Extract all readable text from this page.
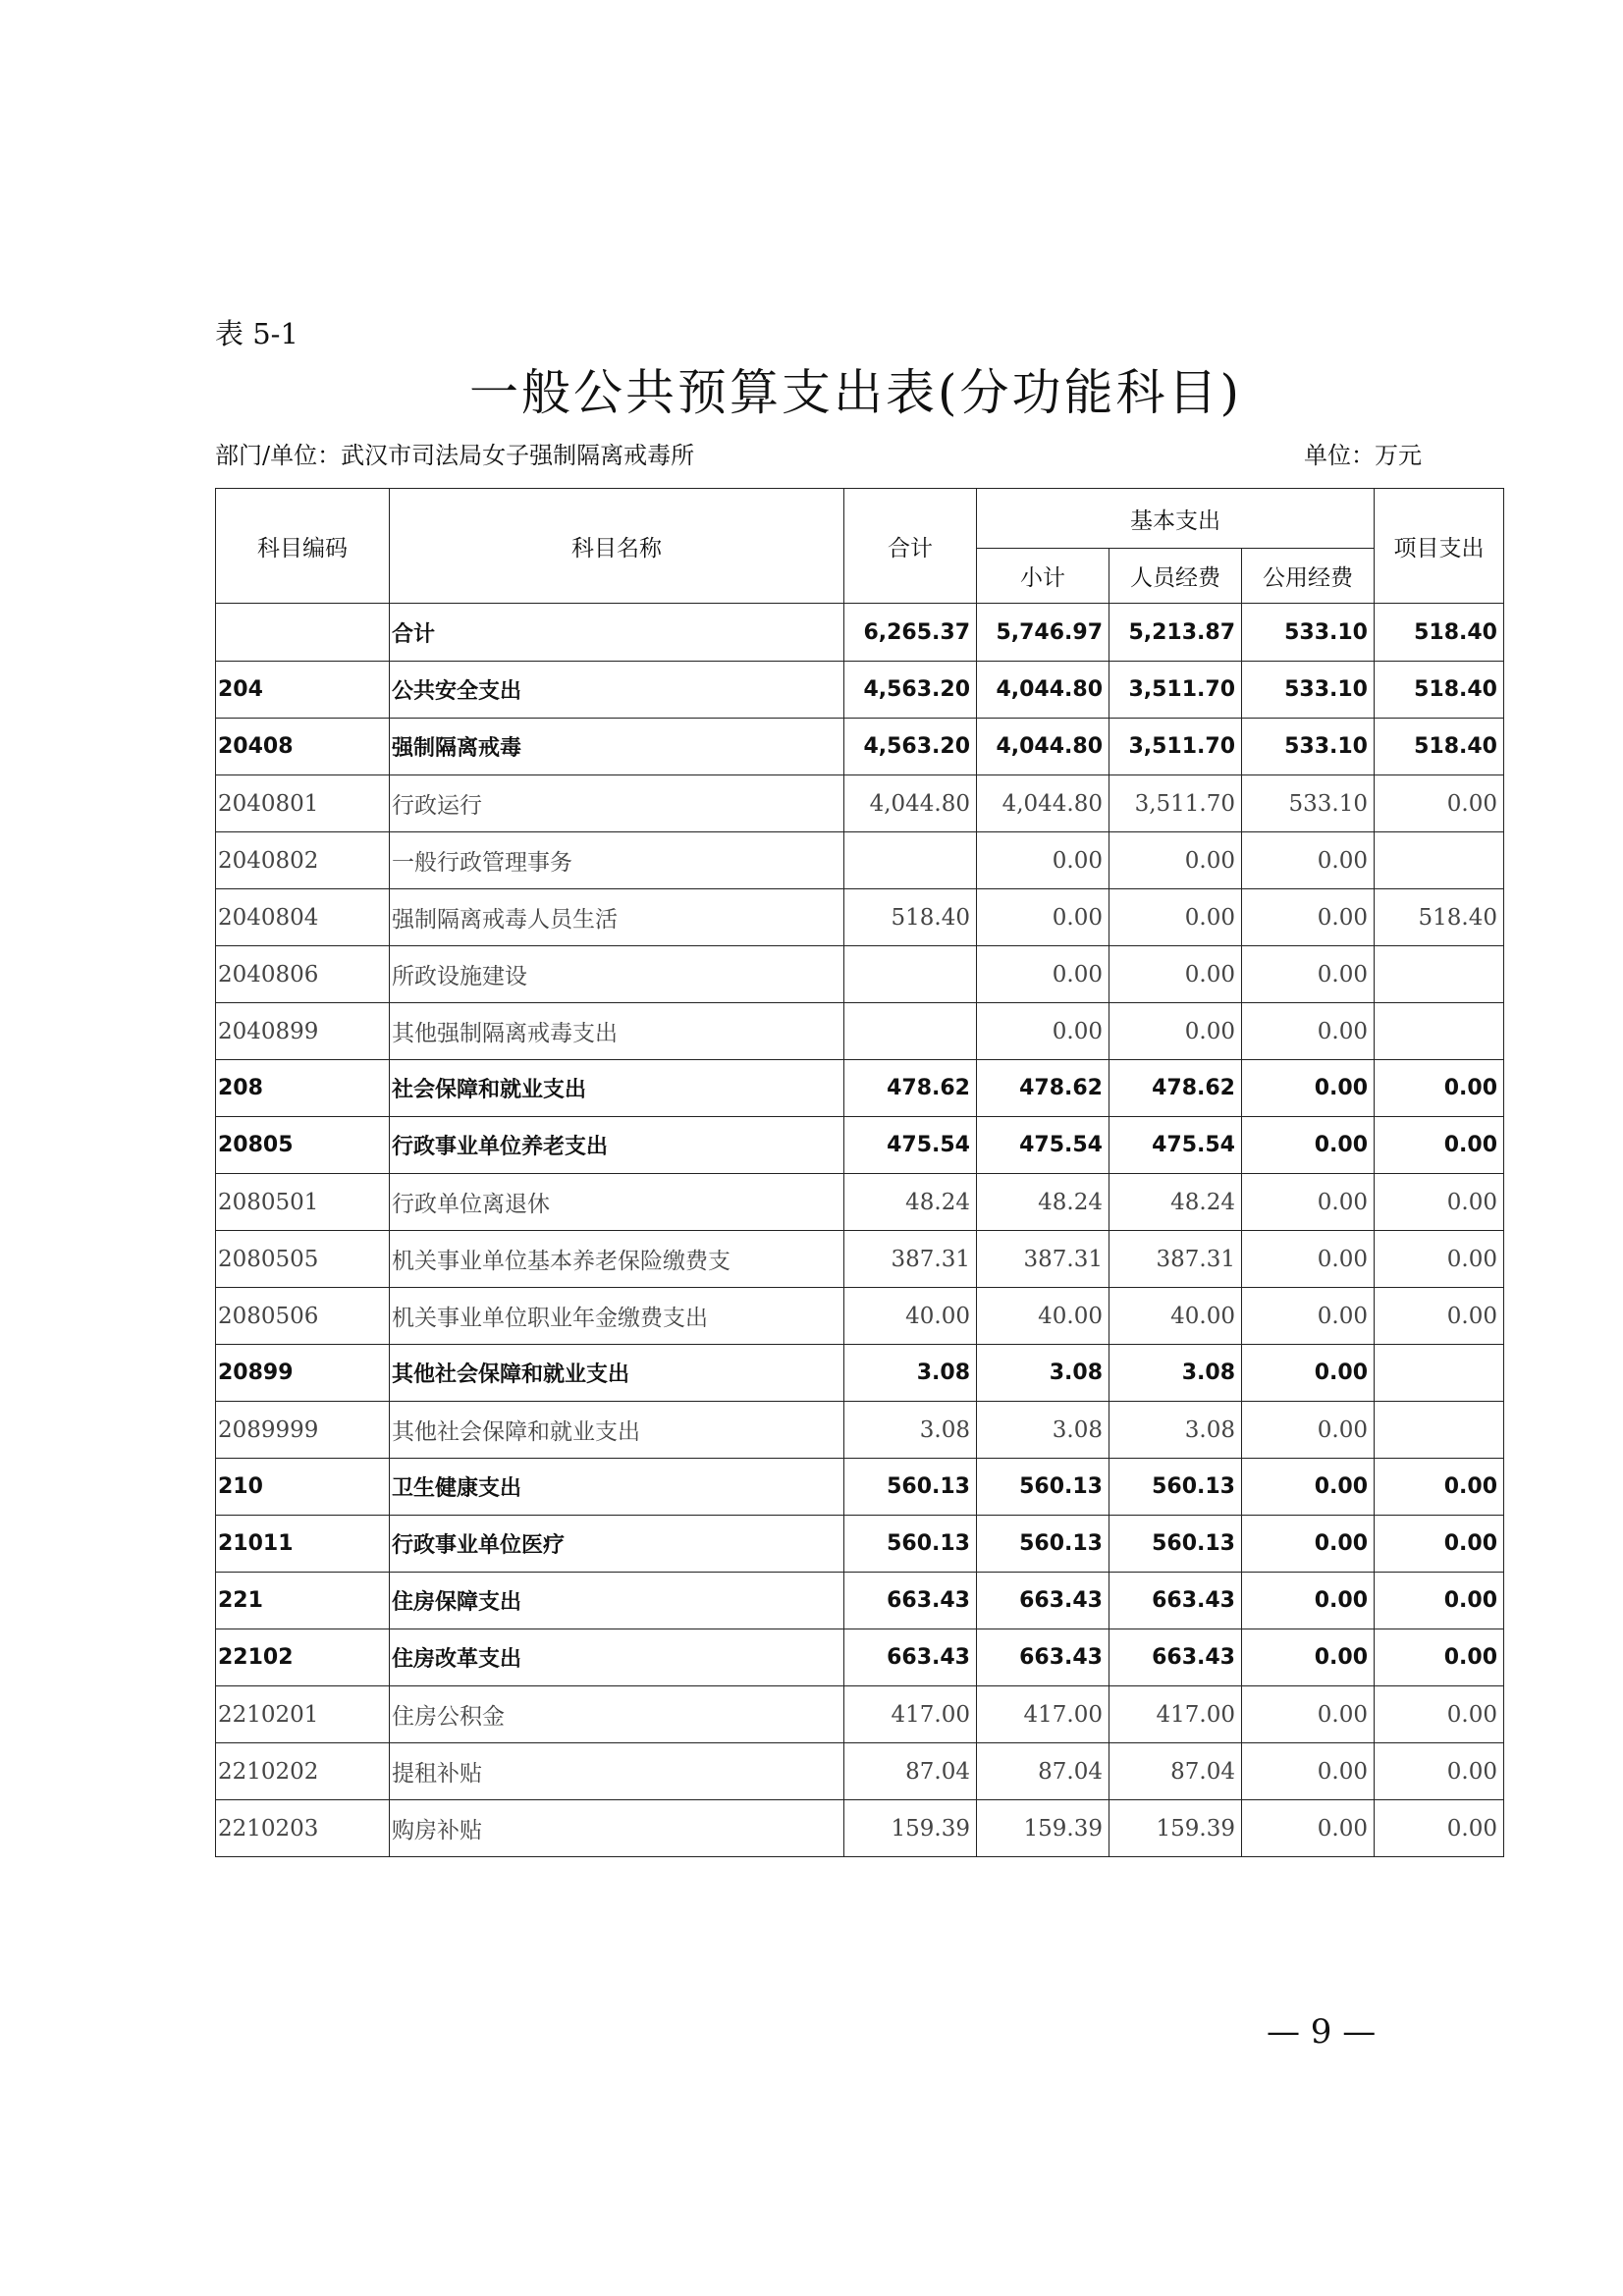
表 5-1
一般公共预算支出表(分功能科目)
部门/单位：武汉市司法局女子强制隔离戒毒所	单位：万元
科目编码	科目名称	合计	基本支出			项目支出
			小计	人员经费	公用经费	
	合计	6,265.37	5,746.97	5,213.87	533.10	518.40
204	公共安全支出	4,563.20	4,044.80	3,511.70	533.10	518.40
20408	强制隔离戒毒	4,563.20	4,044.80	3,511.70	533.10	518.40
2040801	行政运行	4,044.80	4,044.80	3,511.70	533.10	0.00
2040802	一般行政管理事务		0.00	0.00	0.00	
2040804	强制隔离戒毒人员生活	518.40	0.00	0.00	0.00	518.40
2040806	所政设施建设		0.00	0.00	0.00	
2040899	其他强制隔离戒毒支出		0.00	0.00	0.00	
208	社会保障和就业支出	478.62	478.62	478.62	0.00	0.00
20805	行政事业单位养老支出	475.54	475.54	475.54	0.00	0.00
2080501	行政单位离退休	48.24	48.24	48.24	0.00	0.00
2080505	机关事业单位基本养老保险缴费支	387.31	387.31	387.31	0.00	0.00
2080506	机关事业单位职业年金缴费支出	40.00	40.00	40.00	0.00	0.00
20899	其他社会保障和就业支出	3.08	3.08	3.08	0.00	
2089999	其他社会保障和就业支出	3.08	3.08	3.08	0.00	
210	卫生健康支出	560.13	560.13	560.13	0.00	0.00
21011	行政事业单位医疗	560.13	560.13	560.13	0.00	0.00
221	住房保障支出	663.43	663.43	663.43	0.00	0.00
22102	住房改革支出	663.43	663.43	663.43	0.00	0.00
2210201	住房公积金	417.00	417.00	417.00	0.00	0.00
2210202	提租补贴	87.04	87.04	87.04	0.00	0.00
2210203	购房补贴	159.39	159.39	159.39	0.00	0.00
— 9 —
